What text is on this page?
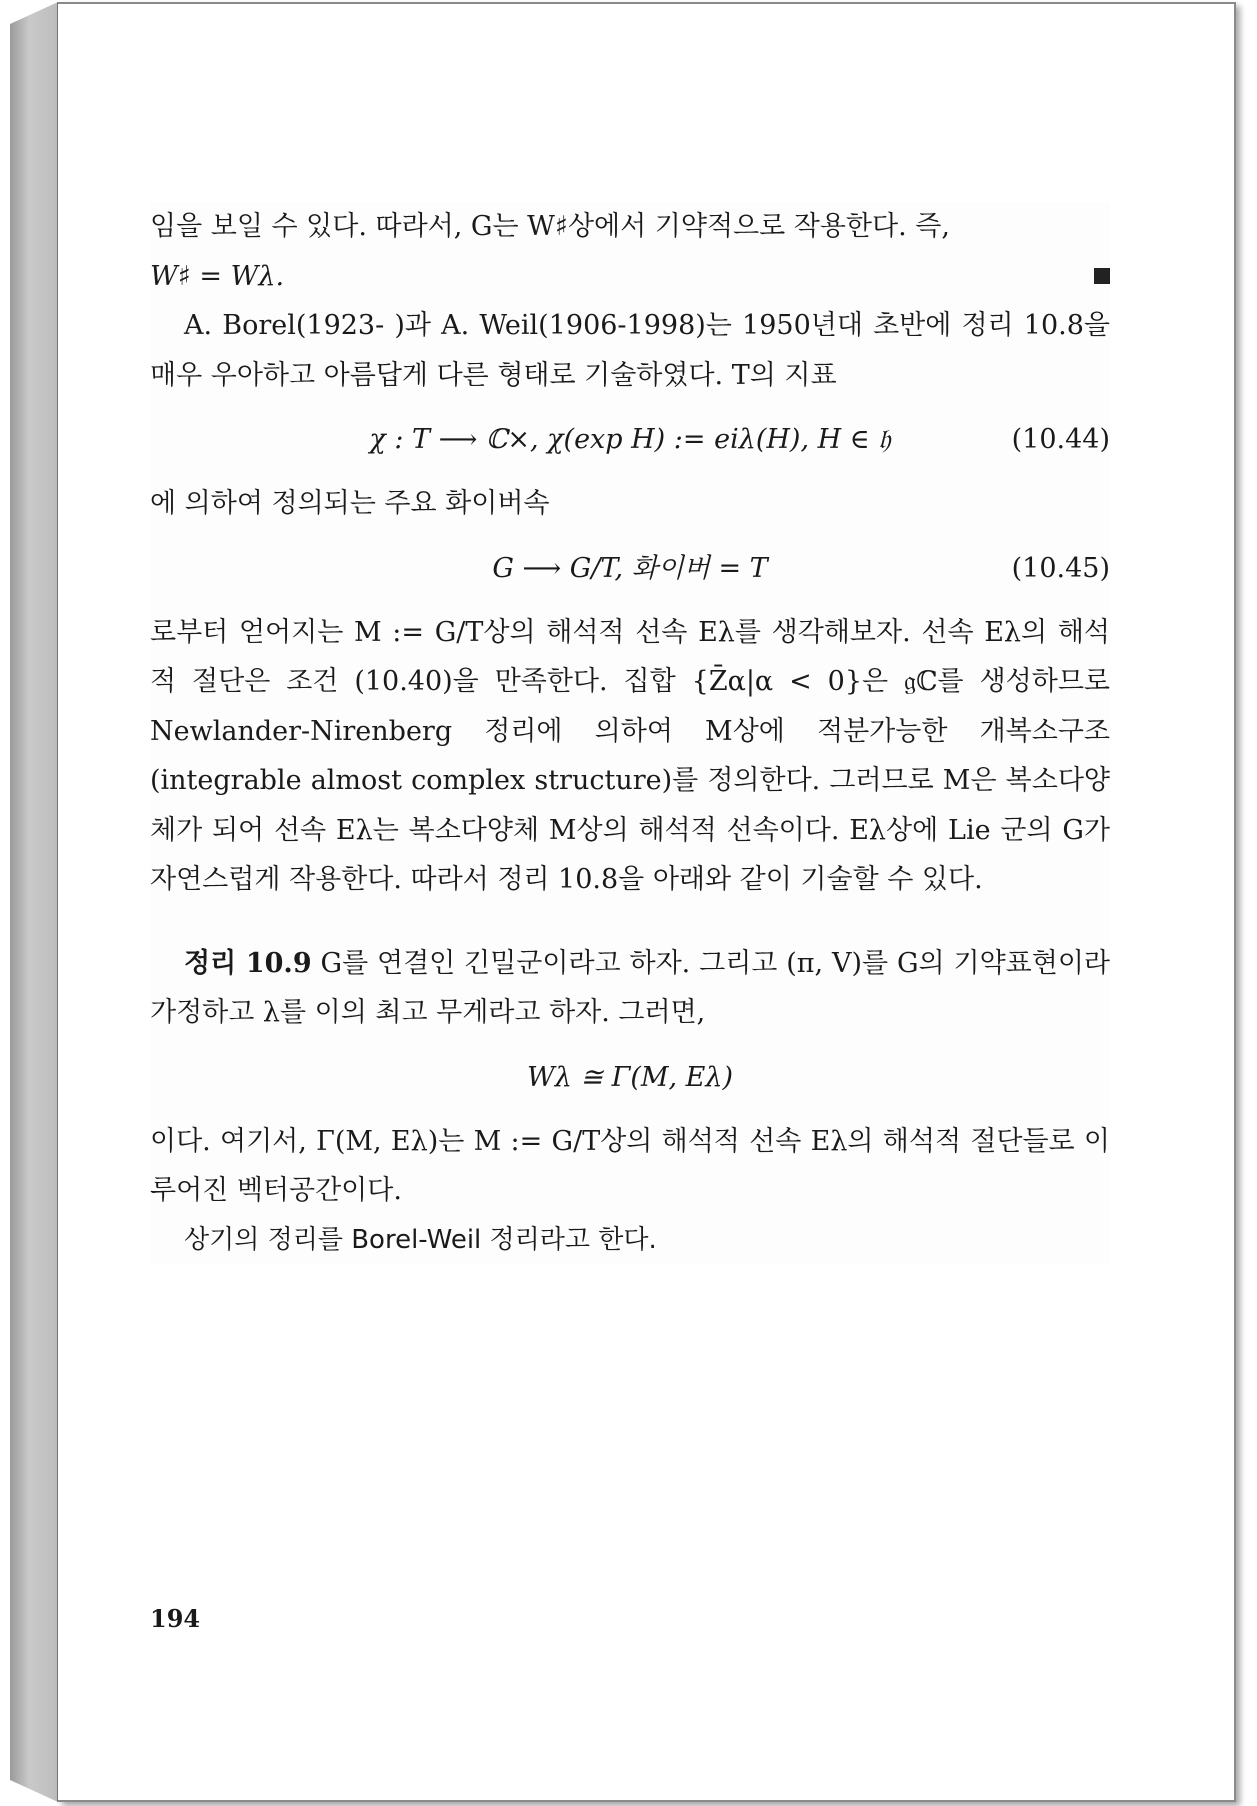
임을 보일 수 있다. 따라서, G는 W♯상에서 기약적으로 작용한다. 즉,

W♯ = Wλ.

A. Borel(1923- )과 A. Weil(1906-1998)는 1950년대 초반에 정리 10.8을 매우 우아하고 아름답게 다른 형태로 기술하였다. T의 지표

χ : T ⟶ ℂ×, χ(exp H) := eiλ(H), H ∈ 𝔥	(10.44)

에 의하여 정의되는 주요 화이버속

G ⟶ G/T, 화이버 = T	(10.45)

로부터 얻어지는 M := G/T상의 해석적 선속 Eλ를 생각해보자. 선속 Eλ의 해석적 절단은 조건 (10.40)을 만족한다. 집합 {Z̄α|α < 0}은 𝔤ℂ를 생성하므로 Newlander-Nirenberg 정리에 의하여 M상에 적분가능한 개복소구조(integrable almost complex structure)를 정의한다. 그러므로 M은 복소다양체가 되어 선속 Eλ는 복소다양체 M상의 해석적 선속이다. Eλ상에 Lie 군의 G가 자연스럽게 작용한다. 따라서 정리 10.8을 아래와 같이 기술할 수 있다.

정리 10.9 G를 연결인 긴밀군이라고 하자. 그리고 (π, V)를 G의 기약표현이라 가정하고 λ를 이의 최고 무게라고 하자. 그러면,

Wλ ≅ Γ(M, Eλ)

이다. 여기서, Γ(M, Eλ)는 M := G/T상의 해석적 선속 Eλ의 해석적 절단들로 이루어진 벡터공간이다.

상기의 정리를 Borel-Weil 정리라고 한다.

194
